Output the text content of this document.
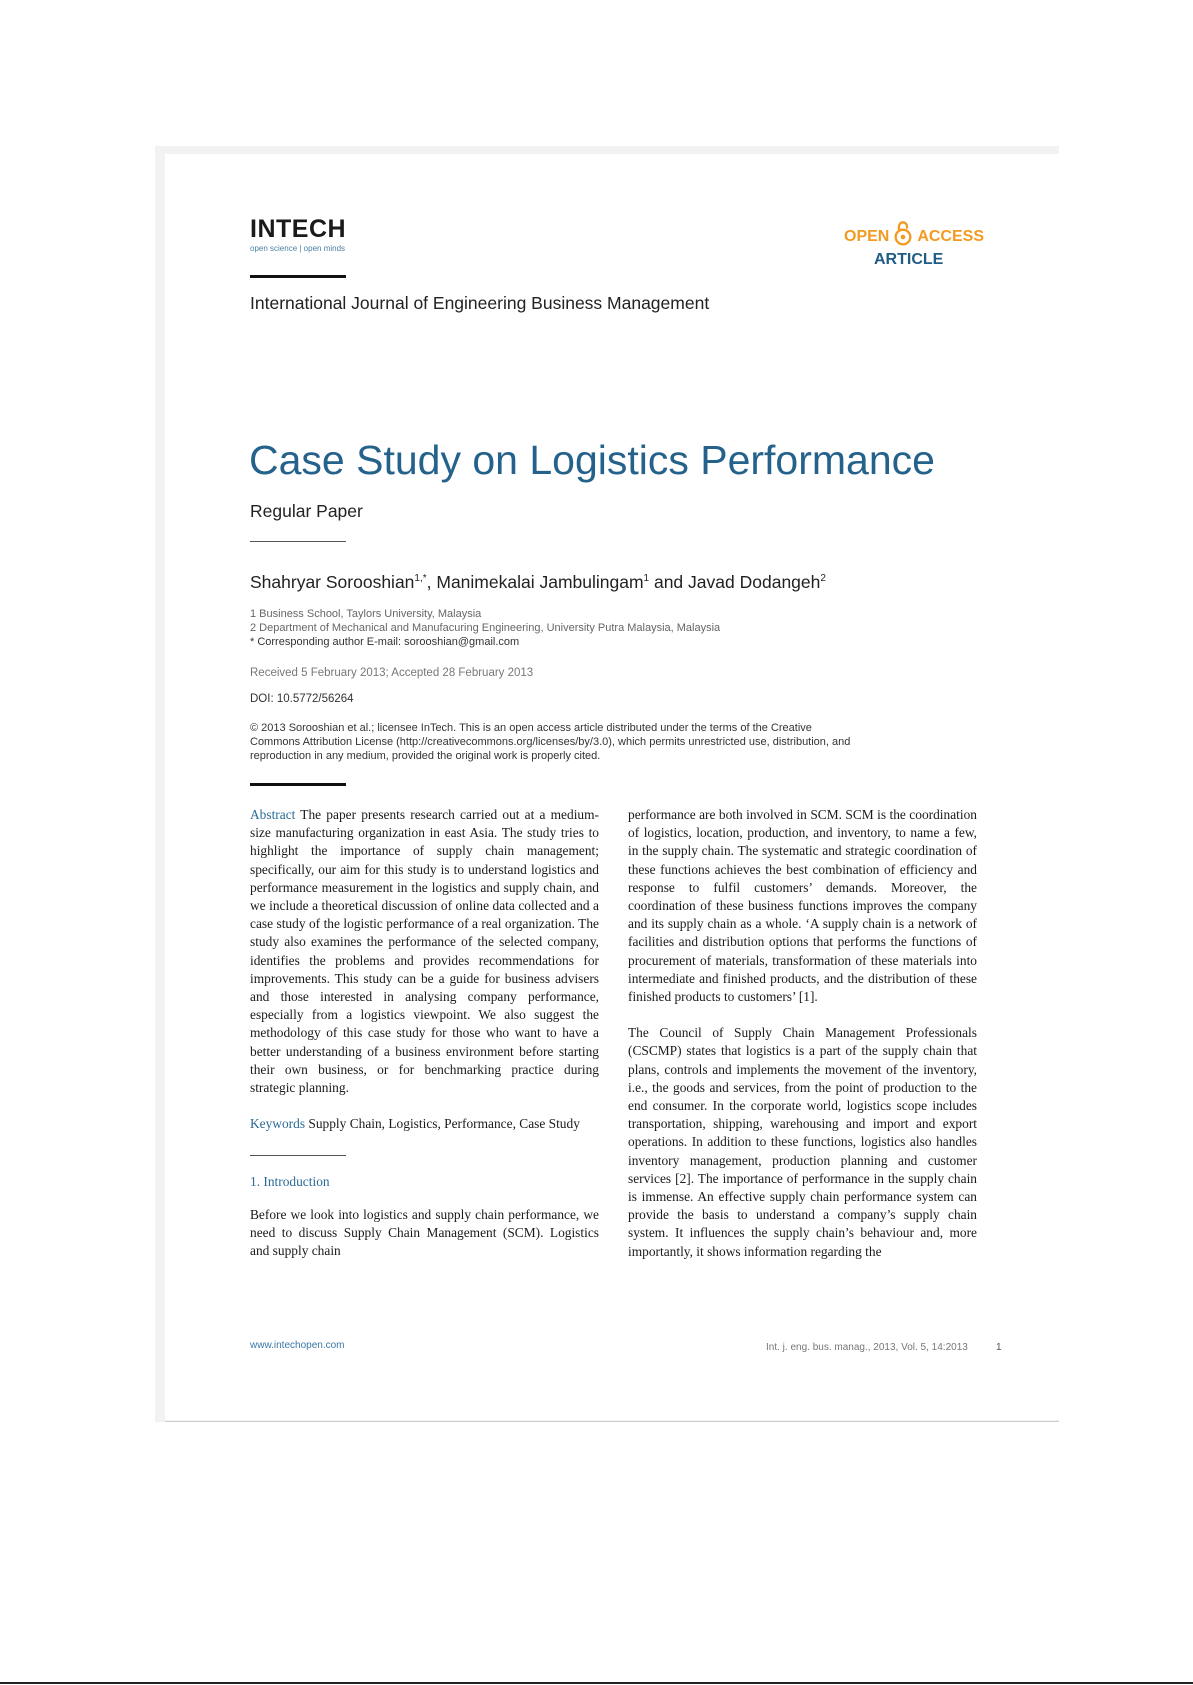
INTECH
open science | open minds
OPEN ACCESS
ARTICLE
International Journal of Engineering Business Management
Case Study on Logistics Performance
Regular Paper
Shahryar Sorooshian$^{1,*}$, Manimekalai Jambulingam$^1$ and Javad Dodangeh$^2$
1 Business School, Taylors University, Malaysia
2 Department of Mechanical and Manufacuring Engineering, University Putra Malaysia, Malaysia
* Corresponding author E-mail: sorooshian@gmail.com
Received 5 February 2013; Accepted 28 February 2013
DOI: 10.5772/56264
© 2013 Sorooshian et al.; licensee InTech. This is an open access article distributed under the terms of the Creative Commons Attribution License (http://creativecommons.org/licenses/by/3.0), which permits unrestricted use, distribution, and reproduction in any medium, provided the original work is properly cited.

Abstract The paper presents research carried out at a medium-size manufacturing organization in east Asia. The study tries to highlight the importance of supply chain management; specifically, our aim for this study is to understand logistics and performance measurement in the logistics and supply chain, and we include a theoretical discussion of online data collected and a case study of the logistic performance of a real organization. The study also examines the performance of the selected company, identifies the problems and provides recommendations for improvements. This study can be a guide for business advisers and those interested in analysing company performance, especially from a logistics viewpoint. We also suggest the methodology of this case study for those who want to have a better understanding of a business environment before starting their own business, or for benchmarking practice during strategic planning.

Keywords Supply Chain, Logistics, Performance, Case Study

1. Introduction

Before we look into logistics and supply chain performance, we need to discuss Supply Chain Management (SCM). Logistics and supply chain

performance are both involved in SCM. SCM is the coordination of logistics, location, production, and inventory, to name a few, in the supply chain. The systematic and strategic coordination of these functions achieves the best combination of efficiency and response to fulfil customers’ demands. Moreover, the coordination of these business functions improves the company and its supply chain as a whole. ‘A supply chain is a network of facilities and distribution options that performs the functions of procurement of materials, transformation of these materials into intermediate and finished products, and the distribution of these finished products to customers’ [1].

The Council of Supply Chain Management Professionals (CSCMP) states that logistics is a part of the supply chain that plans, controls and implements the movement of the inventory, i.e., the goods and services, from the point of production to the end consumer. In the corporate world, logistics scope includes transportation, shipping, warehousing and import and export operations. In addition to these functions, logistics also handles inventory management, production planning and customer services [2]. The importance of performance in the supply chain is immense. An effective supply chain performance system can provide the basis to understand a company’s supply chain system. It influences the supply chain’s behaviour and, more importantly, it shows information regarding the

www.intechopen.com	Int. j. eng. bus. manag., 2013, Vol. 5, 14:2013	1
